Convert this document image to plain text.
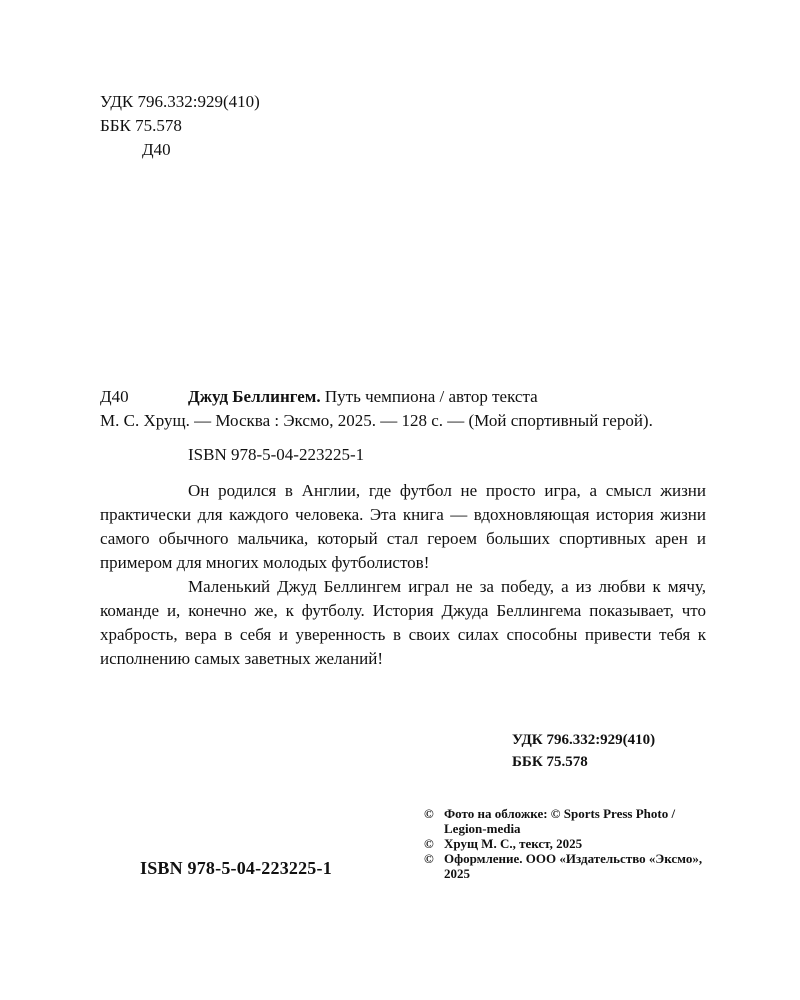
УДК 796.332:929(410)
ББК 75.578
Д40
Д40	Джуд Беллингем. Путь чемпиона / автор текста
М. С. Хрущ. — Москва : Эксмо, 2025. — 128 с. — (Мой спортивный герой).
ISBN 978-5-04-223225-1

Он родился в Англии, где футбол не просто игра, а смысл жизни практически для каждого человека. Эта книга — вдохновляющая история жизни самого обычного мальчика, который стал героем больших спортивных арен и примером для многих молодых футболистов!

Маленький Джуд Беллингем играл не за победу, а из любви к мячу, команде и, конечно же, к футболу. История Джуда Беллингема показывает, что храбрость, вера в себя и уверенность в своих силах способны привести тебя к исполнению самых заветных желаний!

УДК 796.332:929(410)
ББК 75.578
© Фото на обложке: © Sports Press Photo / Legion-media
© Хрущ М. С., текст, 2025
© Оформление. ООО «Издательство «Эксмо», 2025
ISBN 978-5-04-223225-1
